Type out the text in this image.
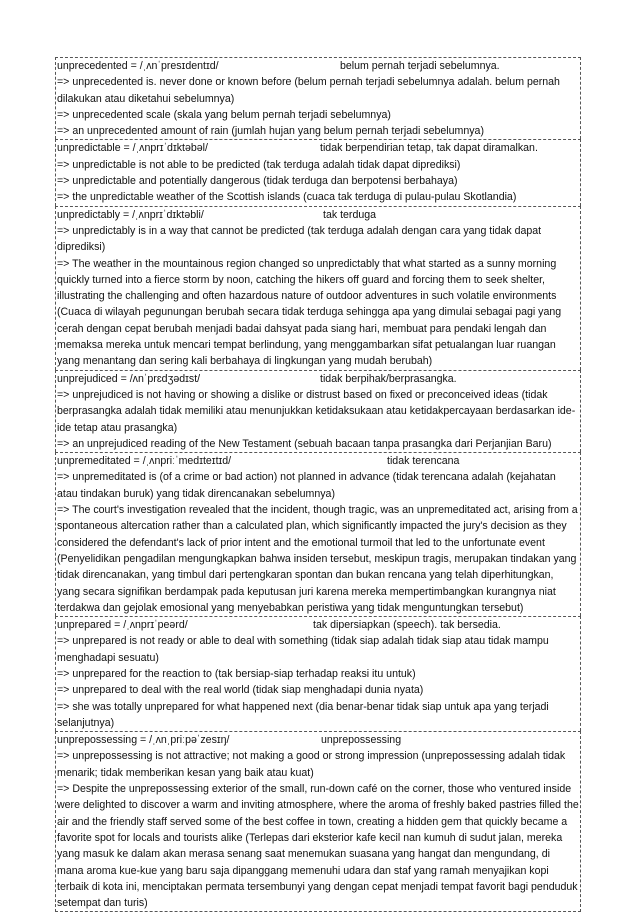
unprecedented = /ˌʌnˈpresɪdentɪd/	belum pernah terjadi sebelumnya.

=> unprecedented is. never done or known before (belum pernah terjadi sebelumnya adalah. belum pernah dilakukan atau diketahui sebelumnya)

=> unprecedented scale (skala yang belum pernah terjadi sebelumnya)

=> an unprecedented amount of rain (jumlah hujan yang belum pernah terjadi sebelumnya)

unpredictable = /ˌʌnprɪˈdɪktəbəl/	tidak berpendirian tetap, tak dapat diramalkan.

=> unpredictable is not able to be predicted (tak terduga adalah tidak dapat diprediksi)

=> unpredictable and potentially dangerous (tidak terduga dan berpotensi berbahaya)

=> the unpredictable weather of the Scottish islands (cuaca tak terduga di pulau-pulau Skotlandia)

unpredictably = /ˌʌnprɪˈdɪktəbli/	tak terduga

=> unpredictably is in a way that cannot be predicted (tak terduga adalah dengan cara yang tidak dapat diprediksi)

=> The weather in the mountainous region changed so unpredictably that what started as a sunny morning quickly turned into a fierce storm by noon, catching the hikers off guard and forcing them to seek shelter, illustrating the challenging and often hazardous nature of outdoor adventures in such volatile environments (Cuaca di wilayah pegunungan berubah secara tidak terduga sehingga apa yang dimulai sebagai pagi yang cerah dengan cepat berubah menjadi badai dahsyat pada siang hari, membuat para pendaki lengah dan memaksa mereka untuk mencari tempat berlindung, yang menggambarkan sifat petualangan luar ruangan yang menantang dan sering kali berbahaya di lingkungan yang mudah berubah)

unprejudiced = /ʌnˈprɛdʒədɪst/	tidak berpihak/berprasangka.

=> unprejudiced is not having or showing a dislike or distrust based on fixed or preconceived ideas (tidak berprasangka adalah tidak memiliki atau menunjukkan ketidaksukaan atau ketidakpercayaan berdasarkan ide-ide tetap atau prasangka)

=> an unprejudiced reading of the New Testament (sebuah bacaan tanpa prasangka dari Perjanjian Baru)

unpremeditated = /ˌʌnpriːˈmedɪteɪtɪd/	tidak terencana

=> unpremeditated is (of a crime or bad action) not planned in advance (tidak terencana adalah (kejahatan atau tindakan buruk) yang tidak direncanakan sebelumnya)

=> The court's investigation revealed that the incident, though tragic, was an unpremeditated act, arising from a spontaneous altercation rather than a calculated plan, which significantly impacted the jury's decision as they considered the defendant's lack of prior intent and the emotional turmoil that led to the unfortunate event (Penyelidikan pengadilan mengungkapkan bahwa insiden tersebut, meskipun tragis, merupakan tindakan yang tidak direncanakan, yang timbul dari pertengkaran spontan dan bukan rencana yang telah diperhitungkan, yang secara signifikan berdampak pada keputusan juri karena mereka mempertimbangkan kurangnya niat terdakwa dan gejolak emosional yang menyebabkan peristiwa yang tidak menguntungkan tersebut)

unprepared = /ˌʌnprɪˈpeərd/	tak dipersiapkan (speech). tak bersedia.

=> unprepared is not ready or able to deal with something (tidak siap adalah tidak siap atau tidak mampu menghadapi sesuatu)

=> unprepared for the reaction to (tak bersiap-siap terhadap reaksi itu untuk)

=> unprepared to deal with the real world (tidak siap menghadapi dunia nyata)

=> she was totally unprepared for what happened next (dia benar-benar tidak siap untuk apa yang terjadi selanjutnya)

unprepossessing = /ˌʌnˌpriːpəˈzesɪŋ/	unprepossessing

=> unprepossessing is not attractive; not making a good or strong impression (unprepossessing adalah tidak menarik; tidak memberikan kesan yang baik atau kuat)

=> Despite the unprepossessing exterior of the small, run-down café on the corner, those who ventured inside were delighted to discover a warm and inviting atmosphere, where the aroma of freshly baked pastries filled the air and the friendly staff served some of the best coffee in town, creating a hidden gem that quickly became a favorite spot for locals and tourists alike (Terlepas dari eksterior kafe kecil nan kumuh di sudut jalan, mereka yang masuk ke dalam akan merasa senang saat menemukan suasana yang hangat dan mengundang, di mana aroma kue-kue yang baru saja dipanggang memenuhi udara dan staf yang ramah menyajikan kopi terbaik di kota ini, menciptakan permata tersembunyi yang dengan cepat menjadi tempat favorit bagi penduduk setempat dan turis)
